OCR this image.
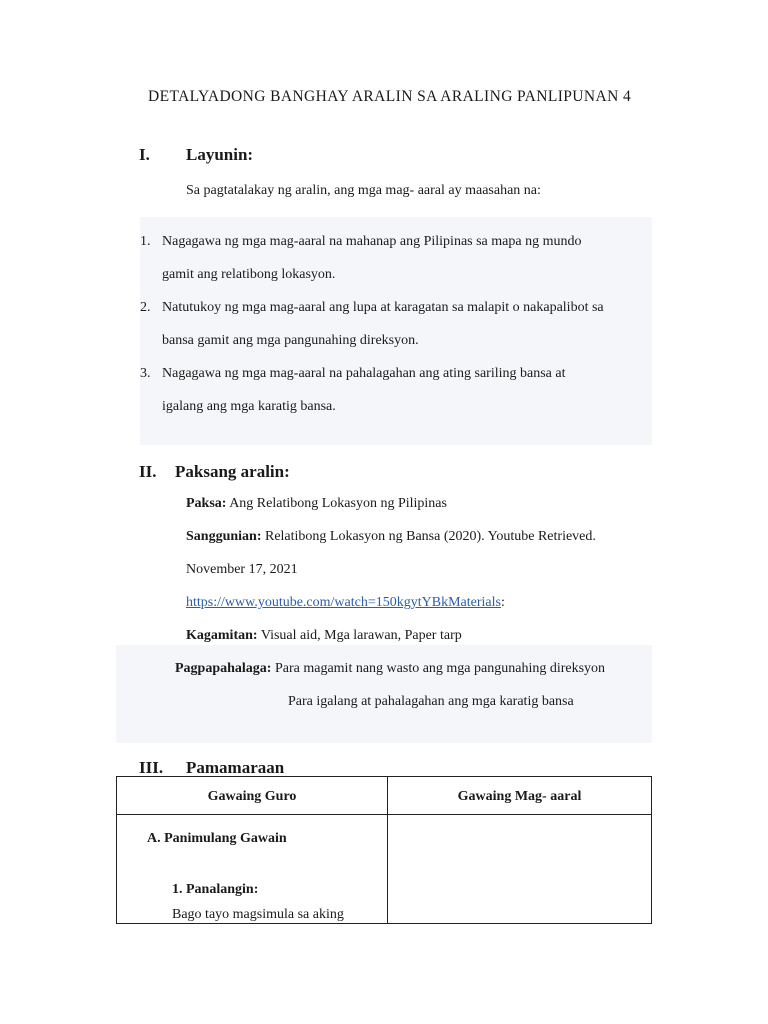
DETALYADONG BANGHAY ARALIN SA ARALING PANLIPUNAN 4
I. Layunin:
Sa pagtatalakay ng aralin, ang mga mag- aaral ay maasahan na:
1. Nagagawa ng mga mag-aaral na mahanap ang Pilipinas sa mapa ng mundo
gamit ang relatibong lokasyon.
2. Natutukoy ng mga mag-aaral ang lupa at karagatan sa malapit o nakapalibot sa
bansa gamit ang mga pangunahing direksyon.
3. Nagagawa ng mga mag-aaral na pahalagahan ang ating sariling bansa at
igalang ang mga karatig bansa.
II. Paksang aralin:
Paksa: Ang Relatibong Lokasyon ng Pilipinas
Sanggunian: Relatibong Lokasyon ng Bansa (2020). Youtube Retrieved.
November 17, 2021
https://www.youtube.com/watch=150kgytYBkMaterials:
Kagamitan: Visual aid, Mga larawan, Paper tarp
Pagpapahalaga: Para magamit nang wasto ang mga pangunahing direksyon
Para igalang at pahalagahan ang mga karatig bansa
III. Pamamaraan
Gawaing Guro	Gawaing Mag- aaral

A. Panimulang Gawain
1. Panalangin:
Bago tayo magsimula sa aking	
